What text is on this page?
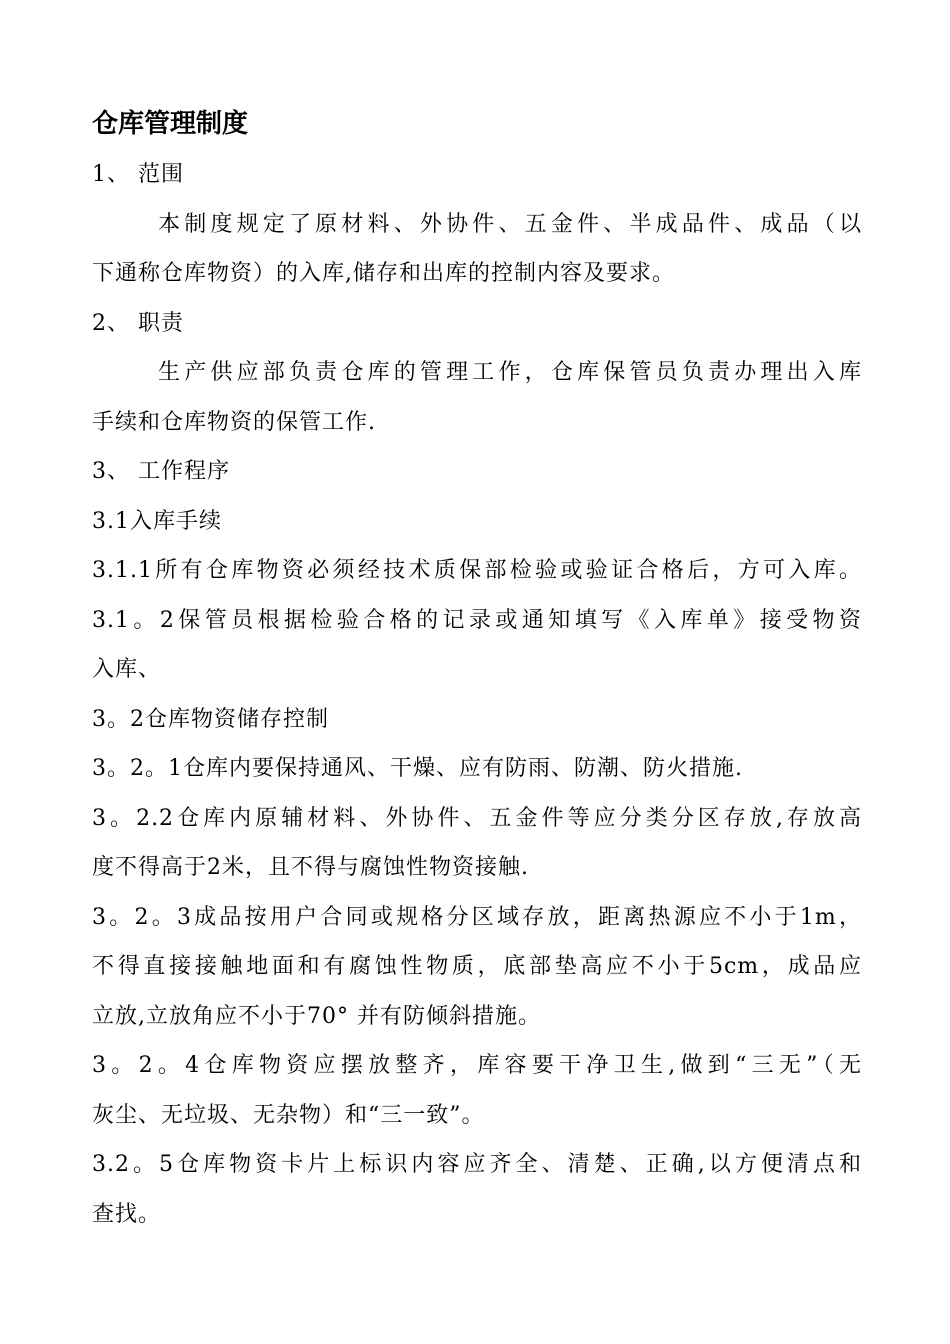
仓库管理制度
1、 范围
本制度规定了原材料、外协件、五金件、半成品件、成品（以
下通称仓库物资）的入库,储存和出库的控制内容及要求。
2、 职责
生产供应部负责仓库的管理工作，仓库保管员负责办理出入库
手续和仓库物资的保管工作.
3、 工作程序
3.1入库手续
3.1.1所有仓库物资必须经技术质保部检验或验证合格后，方可入库。
3.1。2保管员根据检验合格的记录或通知填写《入库单》接受物资
入库、
3。2仓库物资储存控制
3。2。1仓库内要保持通风、干燥、应有防雨、防潮、防火措施.
3。2.2仓库内原辅材料、外协件、五金件等应分类分区存放,存放高
度不得高于2米，且不得与腐蚀性物资接触.
3。2。3成品按用户合同或规格分区域存放，距离热源应不小于1m，
不得直接接触地面和有腐蚀性物质，底部垫高应不小于5cm，成品应
立放,立放角应不小于70° 并有防倾斜措施。
3。2。4仓库物资应摆放整齐，库容要干净卫生,做到“三无”（无
灰尘、无垃圾、无杂物）和“三一致”。
3.2。5仓库物资卡片上标识内容应齐全、清楚、正确,以方便清点和
查找。
